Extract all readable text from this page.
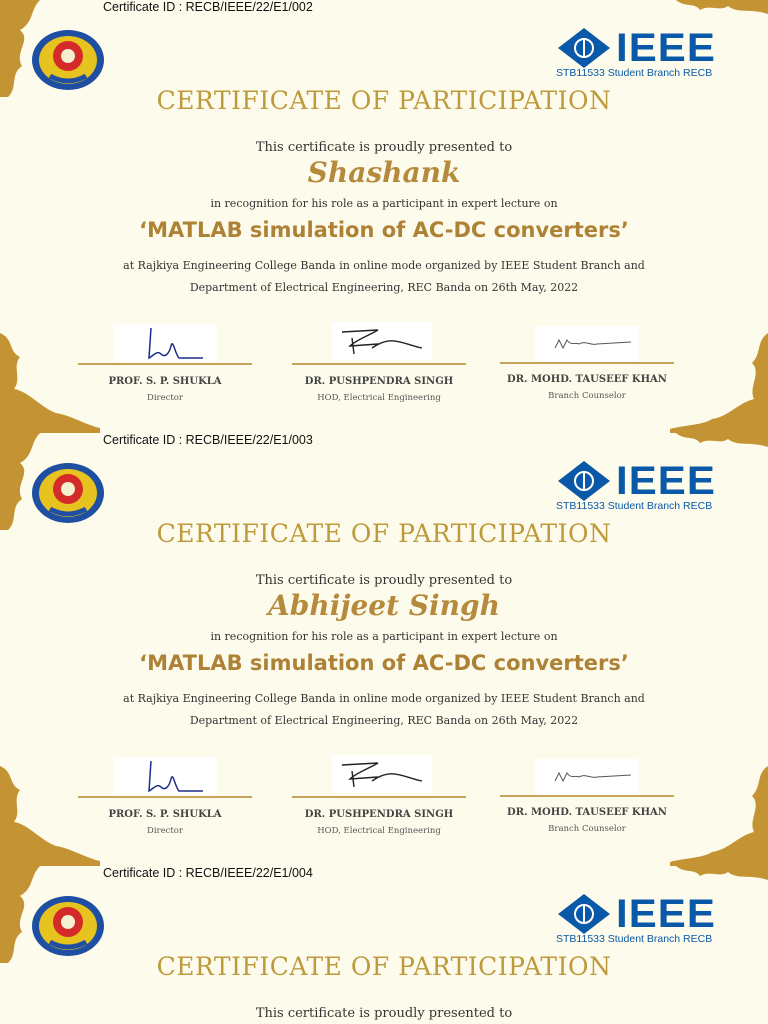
Certificate ID : RECB/IEEE/22/E1/002
IEEE
STB11533 Student Branch RECB
CERTIFICATE OF PARTICIPATION
This certificate is proudly presented to
Shashank
in recognition for his role as a participant in expert lecture on
‘MATLAB simulation of AC-DC converters’
at Rajkiya Engineering College Banda in online mode organized by IEEE Student Branch and
Department of Electrical Engineering, REC Banda on 26th May, 2022
PROF. S. P. SHUKLA
Director
DR. PUSHPENDRA SINGH
HOD, Electrical Engineering
DR. MOHD. TAUSEEF KHAN
Branch Counselor
Certificate ID : RECB/IEEE/22/E1/003
IEEE
STB11533 Student Branch RECB
CERTIFICATE OF PARTICIPATION
This certificate is proudly presented to
Abhijeet Singh
in recognition for his role as a participant in expert lecture on
‘MATLAB simulation of AC-DC converters’
at Rajkiya Engineering College Banda in online mode organized by IEEE Student Branch and
Department of Electrical Engineering, REC Banda on 26th May, 2022
PROF. S. P. SHUKLA
Director
DR. PUSHPENDRA SINGH
HOD, Electrical Engineering
DR. MOHD. TAUSEEF KHAN
Branch Counselor
Certificate ID : RECB/IEEE/22/E1/004
IEEE
STB11533 Student Branch RECB
CERTIFICATE OF PARTICIPATION
This certificate is proudly presented to
